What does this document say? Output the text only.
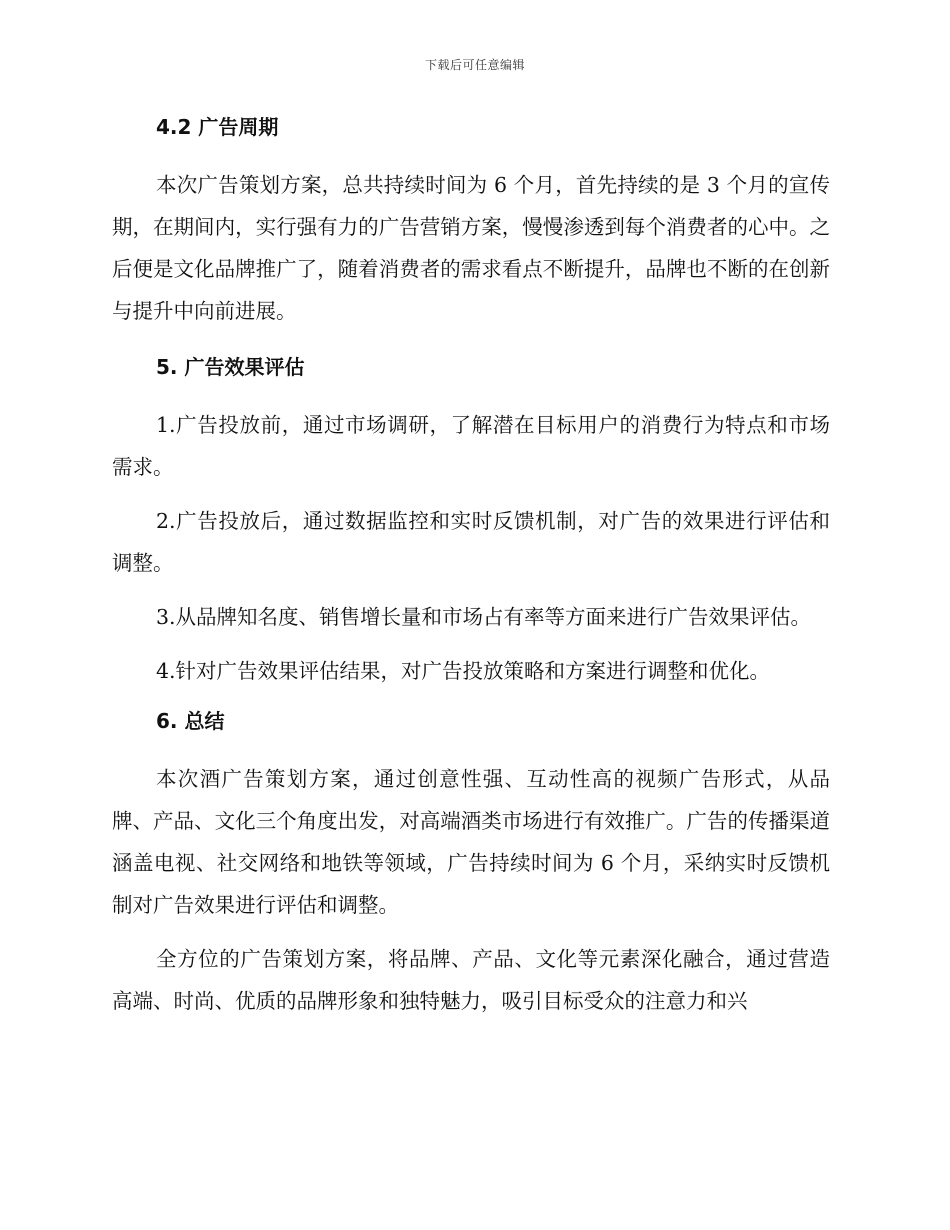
下载后可任意编辑
4.2 广告周期

本次广告策划方案，总共持续时间为 6 个月，首先持续的是 3 个月的宣传期，在期间内，实行强有力的广告营销方案，慢慢渗透到每个消费者的心中。之后便是文化品牌推广了，随着消费者的需求看点不断提升，品牌也不断的在创新与提升中向前进展。

5. 广告效果评估

1.广告投放前，通过市场调研，了解潜在目标用户的消费行为特点和市场需求。

2.广告投放后，通过数据监控和实时反馈机制，对广告的效果进行评估和调整。

3.从品牌知名度、销售增长量和市场占有率等方面来进行广告效果评估。

4.针对广告效果评估结果，对广告投放策略和方案进行调整和优化。

6. 总结

本次酒广告策划方案，通过创意性强、互动性高的视频广告形式，从品牌、产品、文化三个角度出发，对高端酒类市场进行有效推广。广告的传播渠道涵盖电视、社交网络和地铁等领域，广告持续时间为 6 个月，采纳实时反馈机制对广告效果进行评估和调整。

全方位的广告策划方案，将品牌、产品、文化等元素深化融合，通过营造高端、时尚、优质的品牌形象和独特魅力，吸引目标受众的注意力和兴
